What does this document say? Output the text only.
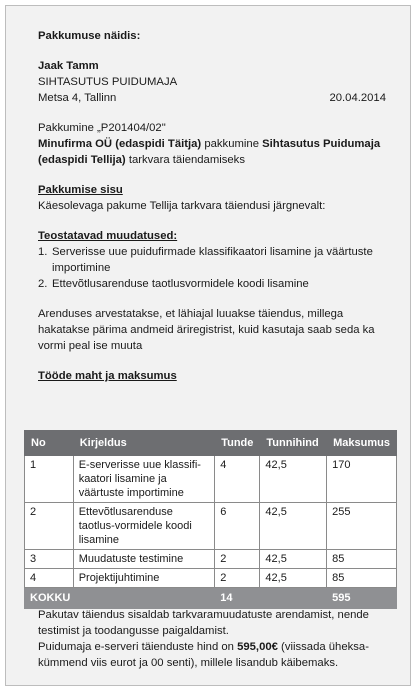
Pakkumuse näidis:

Jaak Tamm

SIHTASUTUS PUIDUMAJA

Metsa 4, Tallinn	20.04.2014

Pakkumine „P201404/02"

Minufirma OÜ (edaspidi Täitja) pakkumine Sihtasutus Puidumaja (edaspidi Tellija) tarkvara täiendamiseks

Pakkumise sisu

Käesolevaga pakume Tellija tarkvara täiendusi järgnevalt:

Teostatavad muudatused:

1. Serverisse uue puidufirmade klassifikaatori lisamine ja väärtuste importimine
2. Ettevõtlusarenduse taotlusvormidele koodi lisamine

Arenduses arvestatakse, et lähiajal luuakse täiendus, millega hakatakse pärima andmeid äriregistrist, kuid kasutaja saab seda ka vormi peal ise muuta

Tööde maht ja maksumus

No	Kirjeldus	Tunde	Tunnihind	Maksumus
1	E-serverisse uue klassifi-kaatori lisamine ja väärtuste importimine	4	42,5	170
2	Ettevõtlusarenduse taotlus-vormidele koodi lisamine	6	42,5	255
3	Muudatuste testimine	2	42,5	85
4	Projektijuhtimine	2	42,5	85
KOKKU		14		595

Pakutav täiendus sisaldab tarkvaramuudatuste arendamist, nende testimist ja toodangusse paigaldamist.

Puidumaja e-serveri täienduste hind on 595,00€ (viissada üheksa-kümmend viis eurot ja 00 senti), millele lisandub käibemaks.
